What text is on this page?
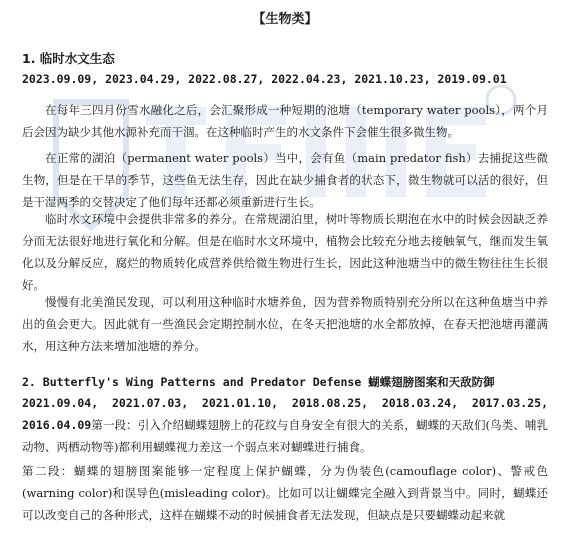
【生物类】
1. 临时水文生态
2023.09.09, 2023.04.29, 2022.08.27, 2022.04.23, 2021.10.23, 2019.09.01
在每年三四月份雪水融化之后，会汇聚形成一种短期的池塘（temporary water pools），两个月后会因为缺少其他水源补充而干涸。在这种临时产生的水文条件下会催生很多微生物。
在正常的湖泊（permanent water pools）当中，会有鱼（main predator fish）去捕捉这些微生物，但是在干旱的季节，这些鱼无法生存，因此在缺少捕食者的状态下，微生物就可以活的很好，但是干湿两季的交替决定了他们每年还都必须重新进行生长。
临时水文环境中会提供非常多的养分。在常规湖泊里，树叶等物质长期泡在水中的时候会因缺乏养分而无法很好地进行氧化和分解。但是在临时水文环境中，植物会比较充分地去接触氧气，继而发生氧化以及分解反应，腐烂的物质转化成营养供给微生物进行生长，因此这种池塘当中的微生物往往生长很好。
慢慢有北美渔民发现，可以利用这种临时水塘养鱼，因为营养物质特别充分所以在这种鱼塘当中养出的鱼会更大。因此就有一些渔民会定期控制水位，在冬天把池塘的水全都放掉，在春天把池塘再灌满水，用这种方法来增加池塘的养分。
2. Butterfly's Wing Patterns and Predator Defense 蝴蝶翅膀图案和天敌防御
2021.09.04, 2021.07.03, 2021.01.10, 2018.08.25, 2018.03.24, 2017.03.25, 2016.04.09第一段：引入介绍蝴蝶翅膀上的花纹与自身安全有很大的关系，蝴蝶的天敌们(鸟类、哺乳动物、两栖动物等)都利用蝴蝶视力差这一个弱点来对蝴蝶进行捕食。
第二段：蝴蝶的翅膀图案能够一定程度上保护蝴蝶，分为伪装色(camouflage color)、警戒色(warning color)和误导色(misleading color)。比如可以让蝴蝶完全融入到背景当中。同时，蝴蝶还可以改变自己的各种形式，这样在蝴蝶不动的时候捕食者无法发现，但缺点是只要蝴蝶动起来就
